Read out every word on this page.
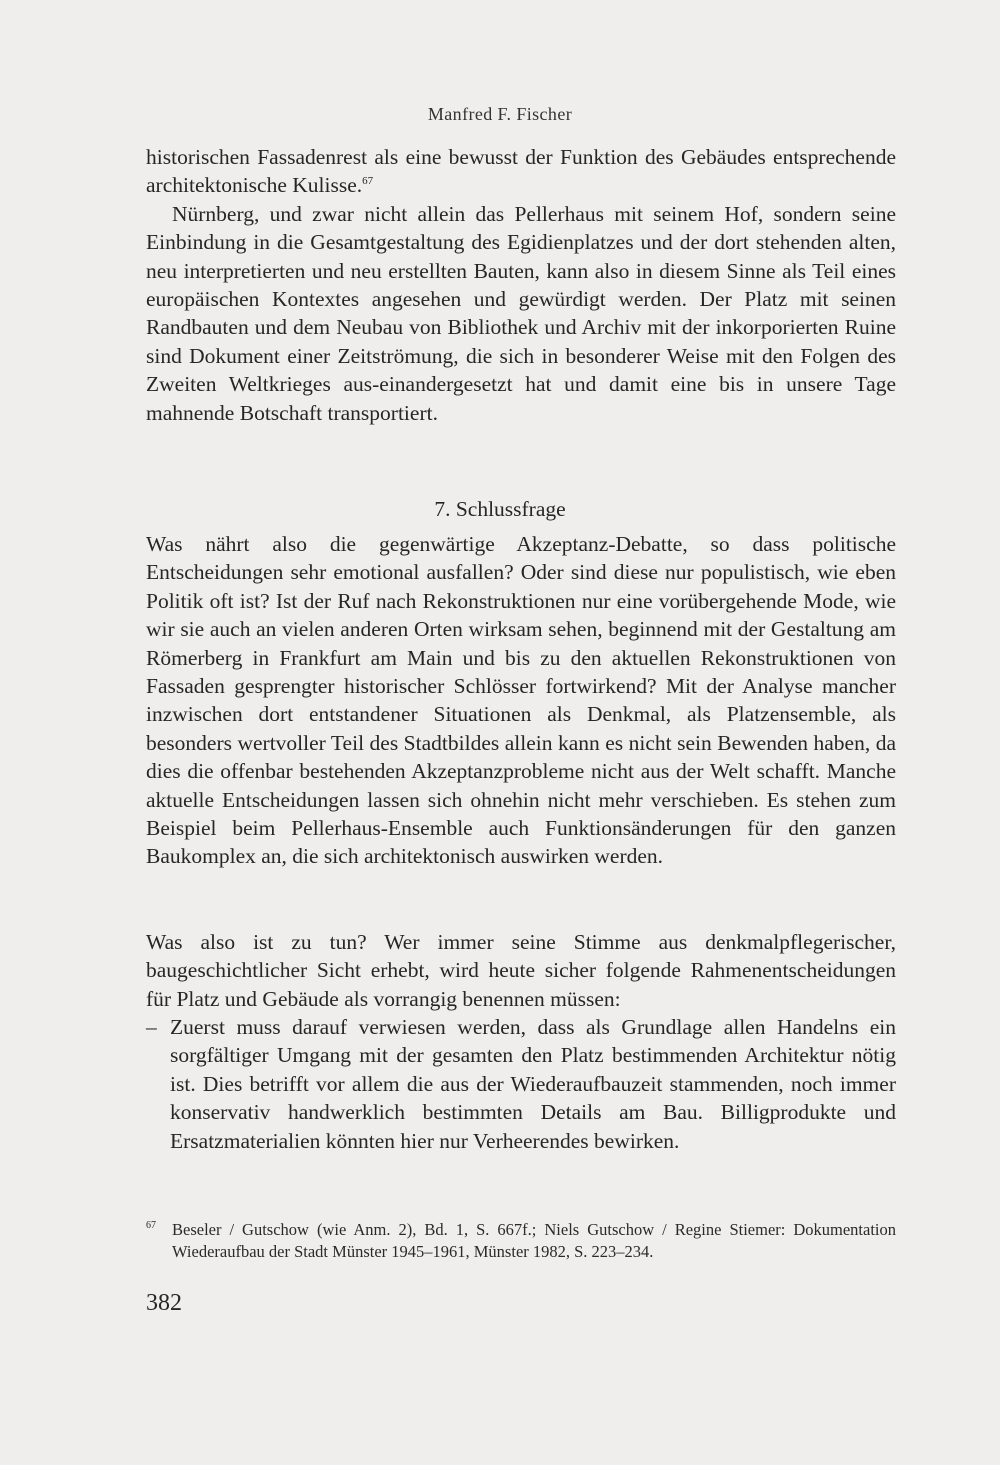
Manfred F. Fischer

historischen Fassadenrest als eine bewusst der Funktion des Gebäudes entsprechende architektonische Kulisse.$^{67}$

Nürnberg, und zwar nicht allein das Pellerhaus mit seinem Hof, sondern seine Einbindung in die Gesamtgestaltung des Egidienplatzes und der dort stehenden alten, neu interpretierten und neu erstellten Bauten, kann also in diesem Sinne als Teil eines europäischen Kontextes angesehen und gewürdigt werden. Der Platz mit seinen Randbauten und dem Neubau von Bibliothek und Archiv mit der inkorporierten Ruine sind Dokument einer Zeitströmung, die sich in besonderer Weise mit den Folgen des Zweiten Weltkrieges aus-einandergesetzt hat und damit eine bis in unsere Tage mahnende Botschaft transportiert.

7. Schlussfrage

Was nährt also die gegenwärtige Akzeptanz-Debatte, so dass politische Entscheidungen sehr emotional ausfallen? Oder sind diese nur populistisch, wie eben Politik oft ist? Ist der Ruf nach Rekonstruktionen nur eine vorübergehende Mode, wie wir sie auch an vielen anderen Orten wirksam sehen, beginnend mit der Gestaltung am Römerberg in Frankfurt am Main und bis zu den aktuellen Rekonstruktionen von Fassaden gesprengter historischer Schlösser fortwirkend? Mit der Analyse mancher inzwischen dort entstandener Situationen als Denkmal, als Platzensemble, als besonders wertvoller Teil des Stadtbildes allein kann es nicht sein Bewenden haben, da dies die offenbar bestehenden Akzeptanzprobleme nicht aus der Welt schafft. Manche aktuelle Entscheidungen lassen sich ohnehin nicht mehr verschieben. Es stehen zum Beispiel beim Pellerhaus-Ensemble auch Funktionsänderungen für den ganzen Baukomplex an, die sich architektonisch auswirken werden.

Was also ist zu tun? Wer immer seine Stimme aus denkmalpflegerischer, baugeschichtlicher Sicht erhebt, wird heute sicher folgende Rahmenentscheidungen für Platz und Gebäude als vorrangig benennen müssen:

– Zuerst muss darauf verwiesen werden, dass als Grundlage allen Handelns ein sorgfältiger Umgang mit der gesamten den Platz bestimmenden Architektur nötig ist. Dies betrifft vor allem die aus der Wiederaufbauzeit stammenden, noch immer konservativ handwerklich bestimmten Details am Bau. Billigprodukte und Ersatzmaterialien könnten hier nur Verheerendes bewirken.
67 Beseler / Gutschow (wie Anm. 2), Bd. 1, S. 667f.; Niels Gutschow / Regine Stiemer: Dokumentation Wiederaufbau der Stadt Münster 1945–1961, Münster 1982, S. 223–234.
382
